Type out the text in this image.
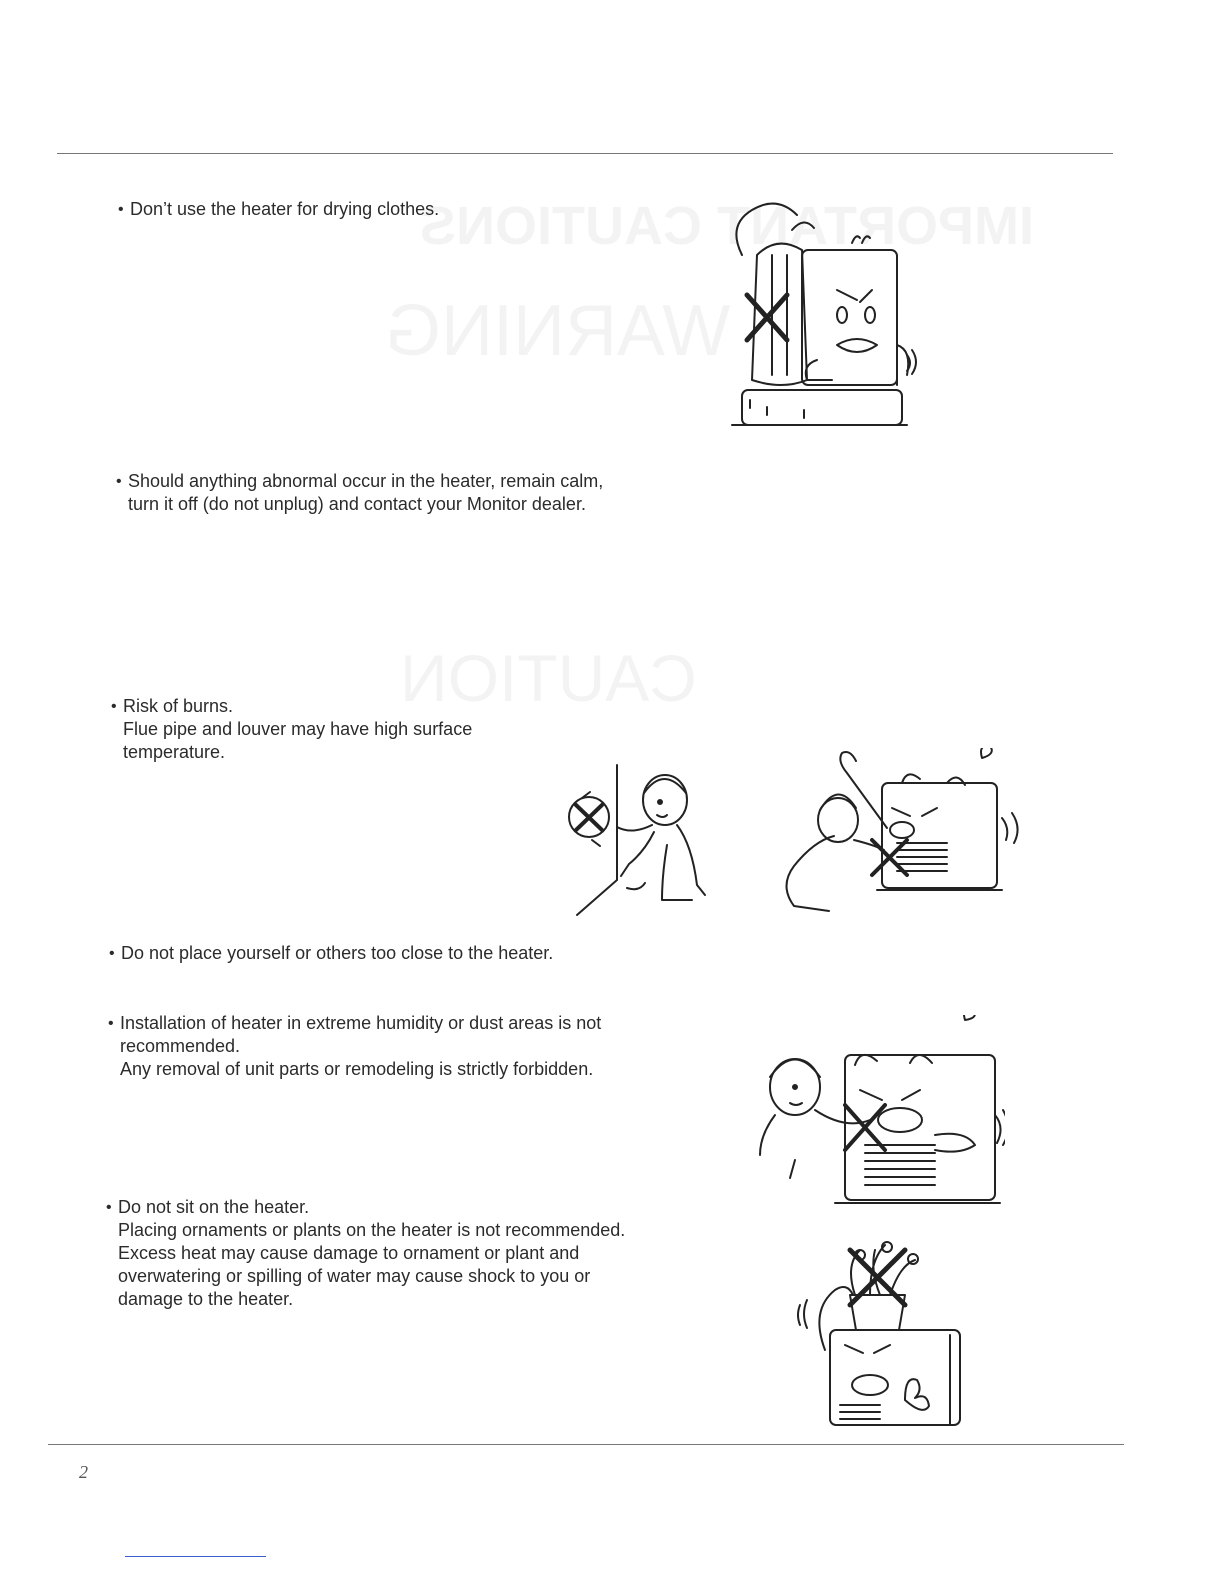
• Don’t use the heater for drying clothes.
• Should anything abnormal occur in the heater, remain calm,
turn it off (do not unplug) and contact your Monitor dealer.
• Risk of burns.
Flue pipe and louver may have high surface
temperature.
• Do not place yourself or others too close to the heater.
• Installation of heater in extreme humidity or dust areas is not
recommended.
Any removal of unit parts or remodeling is strictly forbidden.
• Do not sit on the heater.
Placing ornaments or plants on the heater is not recommended.
Excess heat may cause damage to ornament or plant and
overwatering or spilling of water may cause shock to you or
damage to the heater.
2
